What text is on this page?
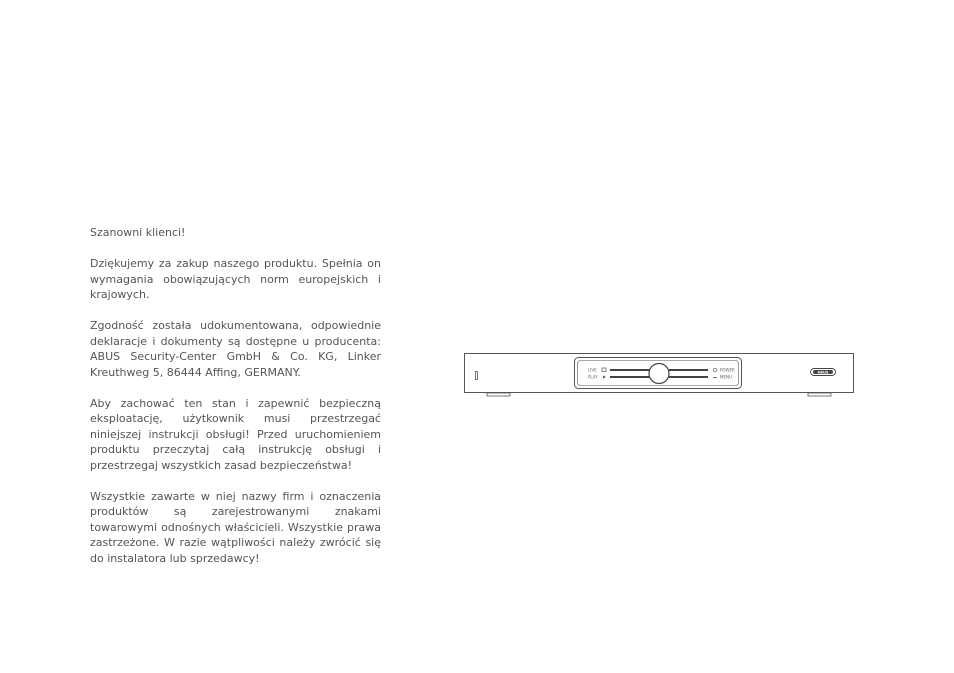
Szanowni klienci!

Dziękujemy za zakup naszego produktu. Spełnia on wymagania obowiązujących norm europejskich i krajowych.

Zgodność została udokumentowana, odpowiednie deklaracje i dokumenty są dostępne u producenta: ABUS Security-Center GmbH & Co. KG, Linker Kreuthweg 5, 86444 Affing, GERMANY.

Aby zachować ten stan i zapewnić bezpieczną eksploatację, użytkownik musi przestrzegać niniejszej instrukcji obsługi! Przed uruchomieniem produktu przeczytaj całą instrukcję obsługi i przestrzegaj wszystkich zasad bezpieczeństwa!

Wszystkie zawarte w niej nazwy firm i oznaczenia produktów są zarejestrowanymi znakami towarowymi odnośnych właścicieli. Wszystkie prawa zastrzeżone. W razie wątpliwości należy zwrócić się do instalatora lub sprzedawcy!

LIVE
PLAY
POWER
MENU
ABUS
